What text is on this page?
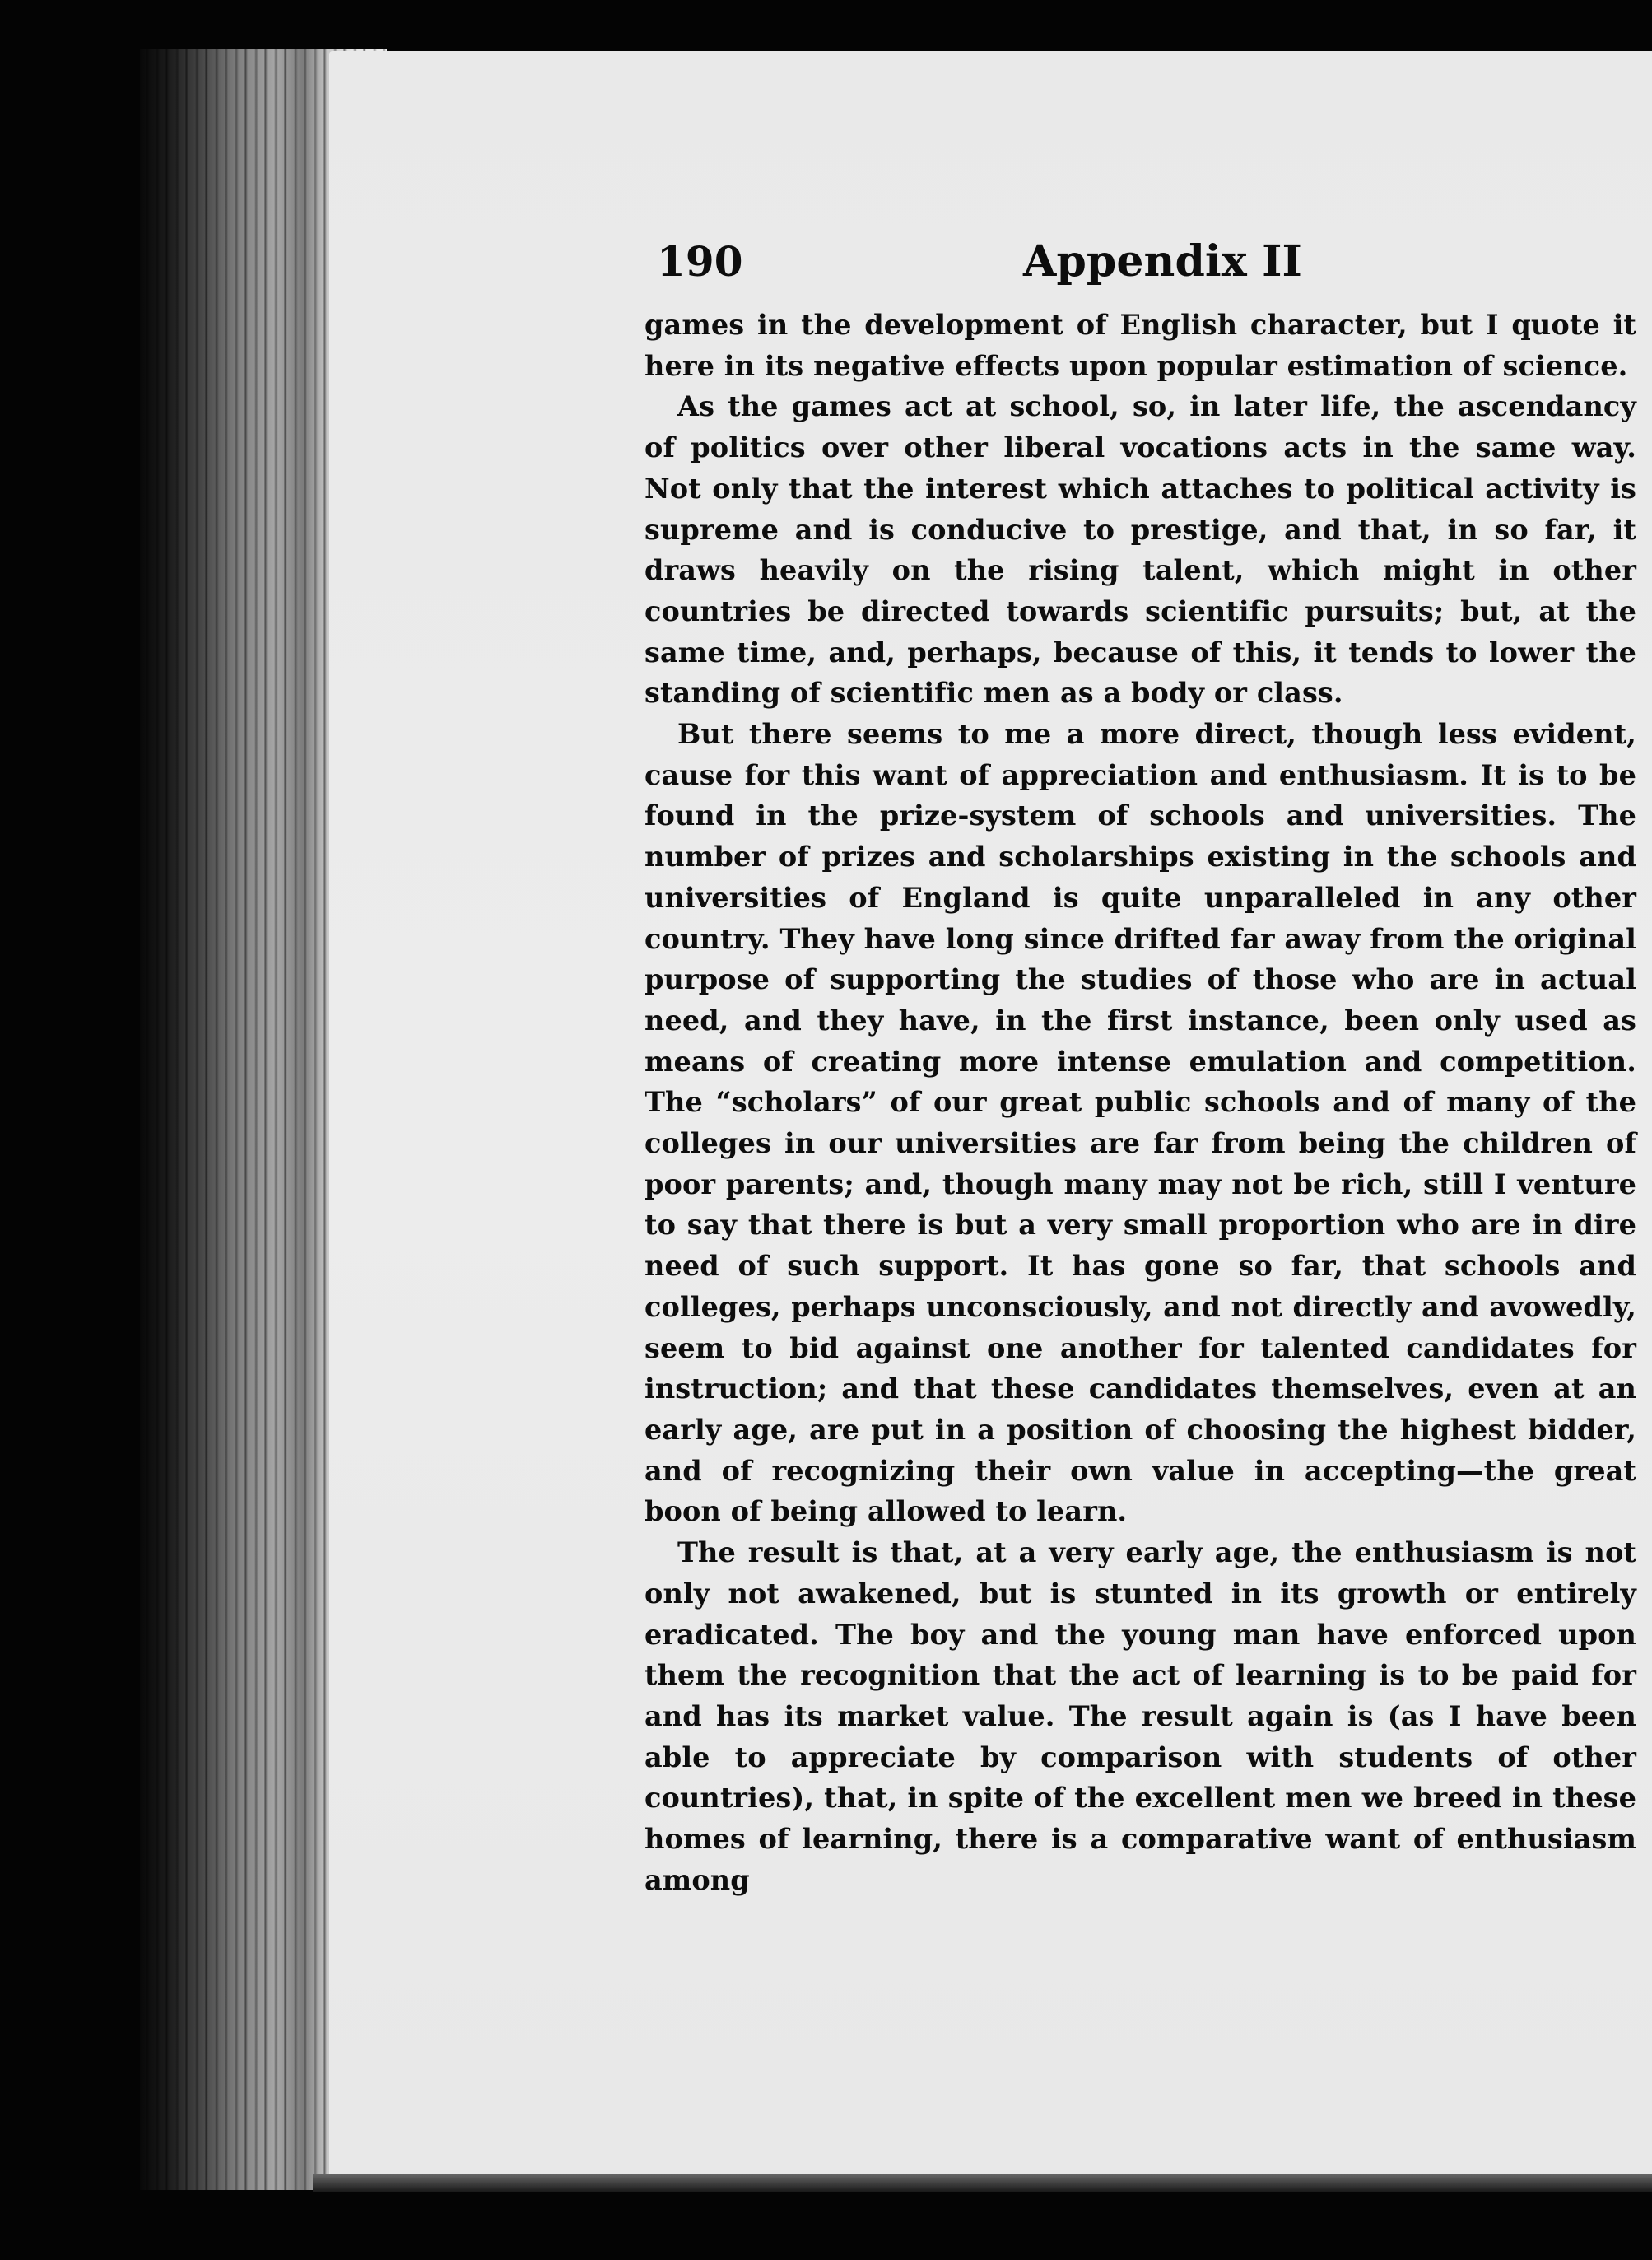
190	Appendix II

games in the development of English character, but I quote it here in its negative effects upon popular estimation of science.

As the games act at school, so, in later life, the ascendancy of politics over other liberal vocations acts in the same way. Not only that the interest which attaches to political activity is supreme and is conducive to prestige, and that, in so far, it draws heavily on the rising talent, which might in other countries be directed towards scientific pursuits; but, at the same time, and, perhaps, because of this, it tends to lower the standing of scientific men as a body or class.

But there seems to me a more direct, though less evident, cause for this want of appreciation and enthusiasm. It is to be found in the prize-system of schools and universities. The number of prizes and scholarships existing in the schools and universities of England is quite unparalleled in any other country. They have long since drifted far away from the original purpose of supporting the studies of those who are in actual need, and they have, in the first instance, been only used as means of creating more intense emulation and competition. The “scholars” of our great public schools and of many of the colleges in our universities are far from being the children of poor parents; and, though many may not be rich, still I venture to say that there is but a very small proportion who are in dire need of such support. It has gone so far, that schools and colleges, perhaps unconsciously, and not directly and avowedly, seem to bid against one another for talented candidates for instruction; and that these candidates themselves, even at an early age, are put in a position of choosing the highest bidder, and of recognizing their own value in accepting—the great boon of being allowed to learn.

The result is that, at a very early age, the enthusiasm is not only not awakened, but is stunted in its growth or entirely eradicated. The boy and the young man have enforced upon them the recognition that the act of learning is to be paid for and has its market value. The result again is (as I have been able to appreciate by comparison with students of other countries), that, in spite of the excellent men we breed in these homes of learning, there is a comparative want of enthusiasm among
